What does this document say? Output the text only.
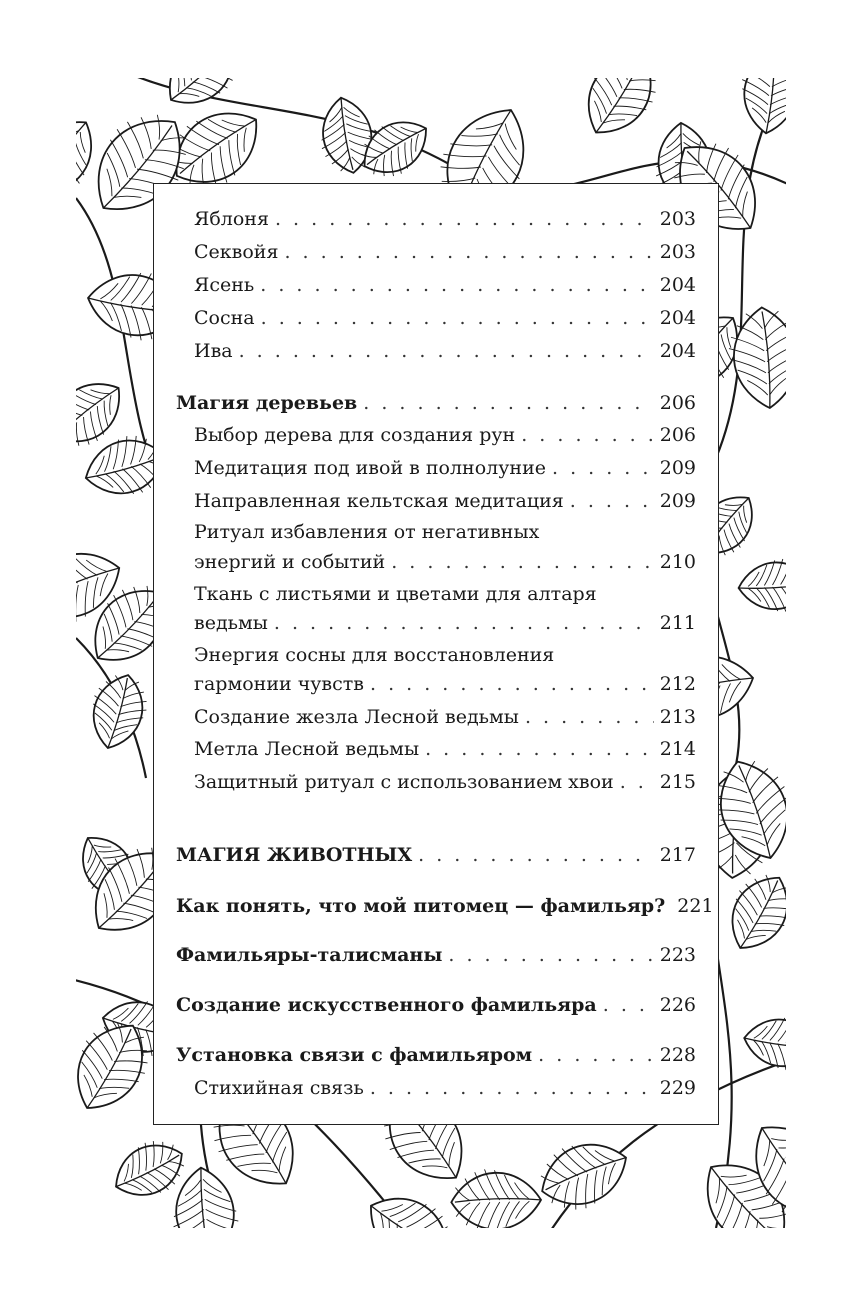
Яблоня . . .	203
Секвойя . . .	203
Ясень . . .	204
Сосна . . .	204
Ива . . .	204
Магия деревьев . . .	206
Выбор дерева для создания рун . . .	206
Медитация под ивой в полнолуние . . .	209
Направленная кельтская медитация . . .	209
Ритуал избавления от негативных
энергий и событий . . .	210
Ткань с листьями и цветами для алтаря
ведьмы . . .	211
Энергия сосны для восстановления
гармонии чувств . . .	212
Создание жезла Лесной ведьмы . . .	213
Метла Лесной ведьмы . . .	214
Защитный ритуал с использованием хвои . . . 215
МАГИЯ ЖИВОТНЫХ . . .	217
Как понять, что мой питомец — фамильяр? 221
Фамильяры-талисманы . . .	223
Создание искусственного фамильяра . . .	226
Установка связи с фамильяром . . .	228
Стихийная связь . . .	229
